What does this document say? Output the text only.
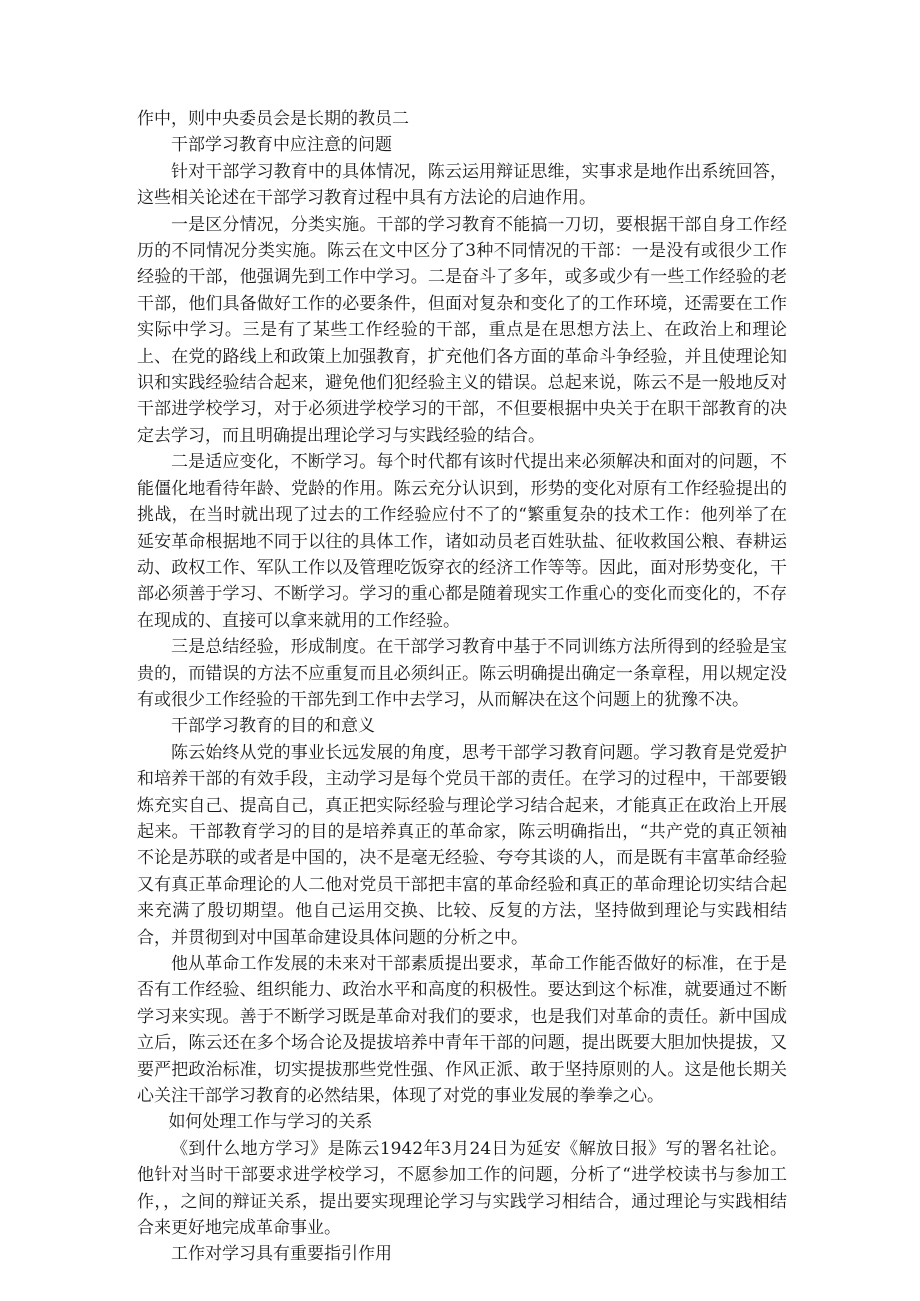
作中，则中央委员会是长期的教员二

干部学习教育中应注意的问题

针对干部学习教育中的具体情况，陈云运用辩证思维，实事求是地作出系统回答，这些相关论述在干部学习教育过程中具有方法论的启迪作用。

一是区分情况，分类实施。干部的学习教育不能搞一刀切，要根据干部自身工作经历的不同情况分类实施。陈云在文中区分了3种不同情况的干部：一是没有或很少工作经验的干部，他强调先到工作中学习。二是奋斗了多年，或多或少有一些工作经验的老干部，他们具备做好工作的必要条件，但面对复杂和变化了的工作环境，还需要在工作实际中学习。三是有了某些工作经验的干部，重点是在思想方法上、在政治上和理论上、在党的路线上和政策上加强教育，扩充他们各方面的革命斗争经验，并且使理论知识和实践经验结合起来，避免他们犯经验主义的错误。总起来说，陈云不是一般地反对干部进学校学习，对于必须进学校学习的干部，不但要根据中央关于在职干部教育的决定去学习，而且明确提出理论学习与实践经验的结合。

二是适应变化，不断学习。每个时代都有该时代提出来必须解决和面对的问题，不能僵化地看待年龄、党龄的作用。陈云充分认识到，形势的变化对原有工作经验提出的挑战，在当时就出现了过去的工作经验应付不了的“繁重复杂的技术工作：他列举了在延安革命根据地不同于以往的具体工作，诸如动员老百姓驮盐、征收救国公粮、春耕运动、政权工作、军队工作以及管理吃饭穿衣的经济工作等等。因此，面对形势变化，干部必须善于学习、不断学习。学习的重心都是随着现实工作重心的变化而变化的，不存在现成的、直接可以拿来就用的工作经验。

三是总结经验，形成制度。在干部学习教育中基于不同训练方法所得到的经验是宝贵的，而错误的方法不应重复而且必须纠正。陈云明确提出确定一条章程，用以规定没有或很少工作经验的干部先到工作中去学习，从而解决在这个问题上的犹豫不决。

干部学习教育的目的和意义

陈云始终从党的事业长远发展的角度，思考干部学习教育问题。学习教育是党爱护和培养干部的有效手段，主动学习是每个党员干部的责任。在学习的过程中，干部要锻炼充实自己、提高自己，真正把实际经验与理论学习结合起来，才能真正在政治上开展起来。干部教育学习的目的是培养真正的革命家，陈云明确指出，“共产党的真正领袖不论是苏联的或者是中国的，决不是毫无经验、夸夸其谈的人，而是既有丰富革命经验又有真正革命理论的人二他对党员干部把丰富的革命经验和真正的革命理论切实结合起来充满了殷切期望。他自己运用交换、比较、反复的方法，坚持做到理论与实践相结合，并贯彻到对中国革命建设具体问题的分析之中。

他从革命工作发展的未来对干部素质提出要求，革命工作能否做好的标准，在于是否有工作经验、组织能力、政治水平和高度的积极性。要达到这个标准，就要通过不断学习来实现。善于不断学习既是革命对我们的要求，也是我们对革命的责任。新中国成立后，陈云还在多个场合论及提拔培养中青年干部的问题，提出既要大胆加快提拔，又要严把政治标准，切实提拔那些党性强、作风正派、敢于坚持原则的人。这是他长期关心关注干部学习教育的必然结果，体现了对党的事业发展的拳拳之心。

如何处理工作与学习的关系

《到什么地方学习》是陈云1942年3月24日为延安《解放日报》写的署名社论。他针对当时干部要求进学校学习，不愿参加工作的问题，分析了“进学校读书与参加工作，，之间的辩证关系，提出要实现理论学习与实践学习相结合，通过理论与实践相结合来更好地完成革命事业。

工作对学习具有重要指引作用
